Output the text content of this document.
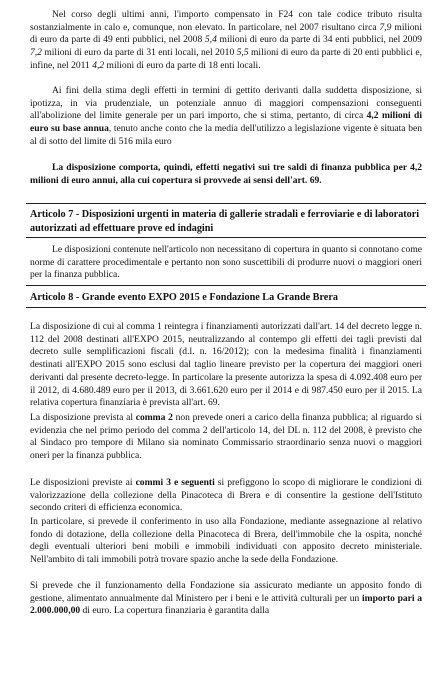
Nel corso degli ultimi anni, l'importo compensato in F24 con tale codice tributo risulta sostanzialmente in calo e, comunque, non elevato. In particolare, nel 2007 risultano circa 7,9 milioni di euro da parte di 49 enti pubblici, nel 2008 5,4 milioni di euro da parte di 34 enti pubblici, nel 2009 7,2 milioni di euro da parte di 31 enti locali, nel 2010 5,5 milioni di euro da parte di 20 enti pubblici e, infine, nel 2011 4,2 milioni di euro da parte di 18 enti locali.

Ai fini della stima degli effetti in termini di gettito derivanti dalla suddetta disposizione, si ipotizza, in via prudenziale, un potenziale annuo di maggiori compensazioni conseguenti all'abolizione del limite generale per un pari importo, che si stima, pertanto, di circa 4,2 milioni di euro su base annua, tenuto anche conto che la media dell'utilizzo a legislazione vigente è situata ben al di sotto del limite di 516 mila euro

La disposizione comporta, quindi, effetti negativi sui tre saldi di finanza pubblica per 4,2 milioni di euro annui, alla cui copertura si provvede ai sensi dell'art. 69.

Articolo 7 - Disposizioni urgenti in materia di gallerie stradali e ferroviarie e di laboratori autorizzati ad effettuare prove ed indagini

Le disposizioni contenute nell'articolo non necessitano di copertura in quanto si connotano come norme di carattere procedimentale e pertanto non sono suscettibili di produrre nuovi o maggiori oneri per la finanza pubblica.

Articolo 8 - Grande evento EXPO 2015 e Fondazione La Grande Brera

La disposizione di cui al comma 1 reintegra i finanziamenti autorizzati dall'art. 14 del decreto legge n. 112 del 2008 destinati all'EXPO 2015, neutralizzando al contempo gli effetti dei tagli previsti dal decreto sulle semplificazioni fiscali (d.l. n. 16/2012); con la medesima finalità i finanziamenti destinati all'EXPO 2015 sono esclusi dal taglio lineare previsto per la copertura dei maggiori oneri derivanti dal presente decreto-legge. In particolare la presente autorizza la spesa di 4.092.408 euro per il 2012, di 4.680.489 euro per il 2013, di 3.661.620 euro per il 2014 e di 987.450 euro per il 2015. La relativa copertura finanziaria è prevista all'art. 69.

La disposizione prevista al comma 2 non prevede oneri a carico della finanza pubblica; al riguardo si evidenzia che nel primo periodo del comma 2 dell'articolo 14, del DL n. 112 del 2008, è previsto che al Sindaco pro tempore di Milano sia nominato Commissario straordinario senza nuovi o maggiori oneri per la finanza pubblica.

Le disposizioni previste ai commi 3 e seguenti si prefiggono lo scopo di migliorare le condizioni di valorizzazione della collezione della Pinacoteca di Brera e di consentire la gestione dell'Istituto secondo criteri di efficienza economica.

In particolare, si prevede il conferimento in uso alla Fondazione, mediante assegnazione al relativo fondo di dotazione, della collezione della Pinacoteca di Brera, dell'immobile che la ospita, nonché degli eventuali ulteriori beni mobili e immobili individuati con apposito decreto ministeriale. Nell'ambito di tali immobili potrà trovare spazio anche la sede della Fondazione.

Si prevede che il funzionamento della Fondazione sia assicurato mediante un apposito fondo di gestione, alimentato annualmente dal Ministero per i beni e le attività culturali per un importo pari a 2.000.000,00 di euro. La copertura finanziaria è garantita dalla
